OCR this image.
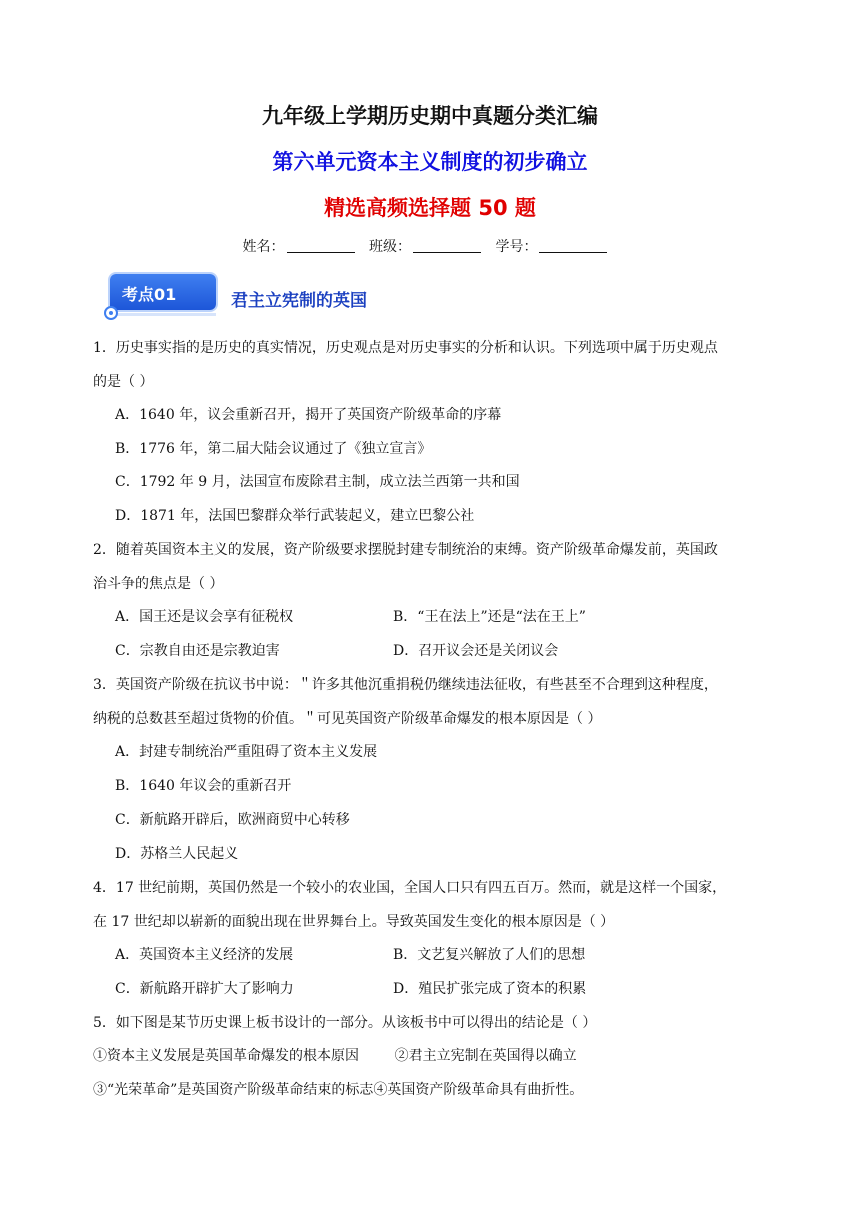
九年级上学期历史期中真题分类汇编
第六单元资本主义制度的初步确立
精选高频选择题 50 题
姓名：	班级：	学号：
考点01	君主立宪制的英国
1．历史事实指的是历史的真实情况，历史观点是对历史事实的分析和认识。下列选项中属于历史观点
的是（ ）
A．1640 年，议会重新召开，揭开了英国资产阶级革命的序幕
B．1776 年，第二届大陆会议通过了《独立宣言》
C．1792 年 9 月，法国宣布废除君主制，成立法兰西第一共和国
D．1871 年，法国巴黎群众举行武装起义，建立巴黎公社
2．随着英国资本主义的发展，资产阶级要求摆脱封建专制统治的束缚。资产阶级革命爆发前，英国政
治斗争的焦点是（ ）
A．国王还是议会享有征税权	B．“王在法上”还是“法在王上”
C．宗教自由还是宗教迫害	D．召开议会还是关闭议会
3．英国资产阶级在抗议书中说：＂许多其他沉重捐税仍继续违法征收，有些甚至不合理到这种程度，
纳税的总数甚至超过货物的价值。＂可见英国资产阶级革命爆发的根本原因是（ ）
A．封建专制统治严重阻碍了资本主义发展
B．1640 年议会的重新召开
C．新航路开辟后，欧洲商贸中心转移
D．苏格兰人民起义
4．17 世纪前期，英国仍然是一个较小的农业国，全国人口只有四五百万。然而，就是这样一个国家，
在 17 世纪却以崭新的面貌出现在世界舞台上。导致英国发生变化的根本原因是（ ）
A．英国资本主义经济的发展	B．文艺复兴解放了人们的思想
C．新航路开辟扩大了影响力	D．殖民扩张完成了资本的积累
5．如下图是某节历史课上板书设计的一部分。从该板书中可以得出的结论是（ ）
①资本主义发展是英国革命爆发的根本原因        ②君主立宪制在英国得以确立
③“光荣革命”是英国资产阶级革命结束的标志④英国资产阶级革命具有曲折性。
